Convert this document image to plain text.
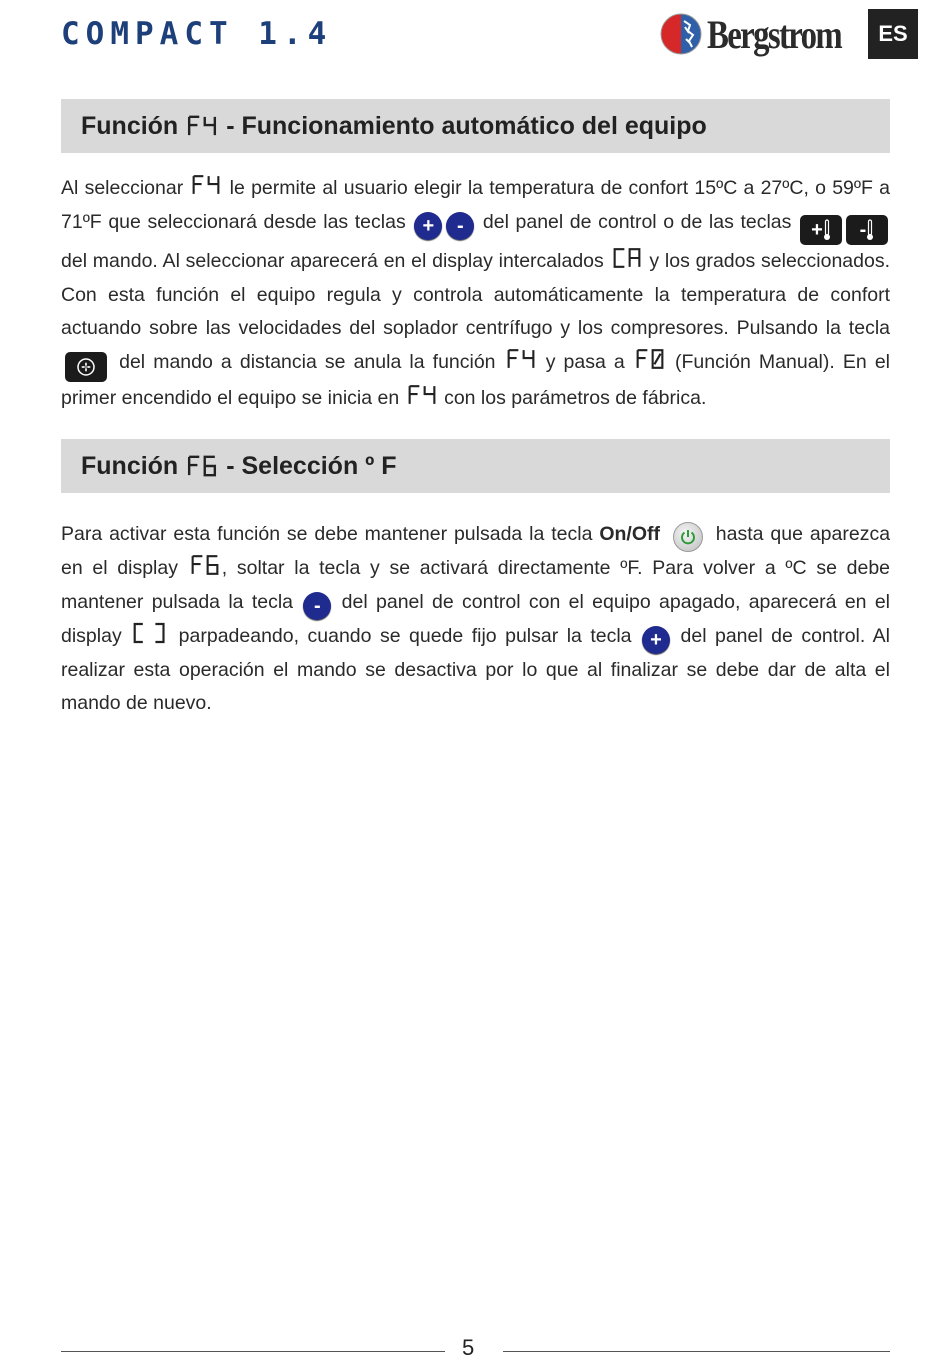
COMPACT 1.4	Bergstrom	ES
Función - Funcionamiento automático del equipo
Al seleccionar le permite al usuario elegir la temperatura de confort 15ºC a 27ºC, o 59ºF a 71ºF que seleccionará desde las teclas + - del panel de control o de las teclas + -
del mando. Al seleccionar aparecerá en el display intercalados y los grados seleccionados. Con esta función el equipo regula y controla automáticamente la temperatura de confort actuando sobre las velocidades del soplador centrífugo y los compresores. Pulsando la tecla
del mando a distancia se anula la función	y pasa a	(Función Manual). En el primer encendido el equipo se inicia en con los parámetros de fábrica.
Función - Selección º F
Para activar esta función se debe mantener pulsada la tecla On/Off	hasta que aparezca en el display , soltar la tecla y se activará directamente ºF. Para volver a ºC se debe mantener pulsada la tecla - del panel de control con el equipo apagado, aparecerá en el display	parpadeando, cuando se quede fijo pulsar la tecla + del panel de control. Al realizar esta operación el mando se desactiva por lo que al finalizar se debe dar de alta el mando de nuevo.
5
